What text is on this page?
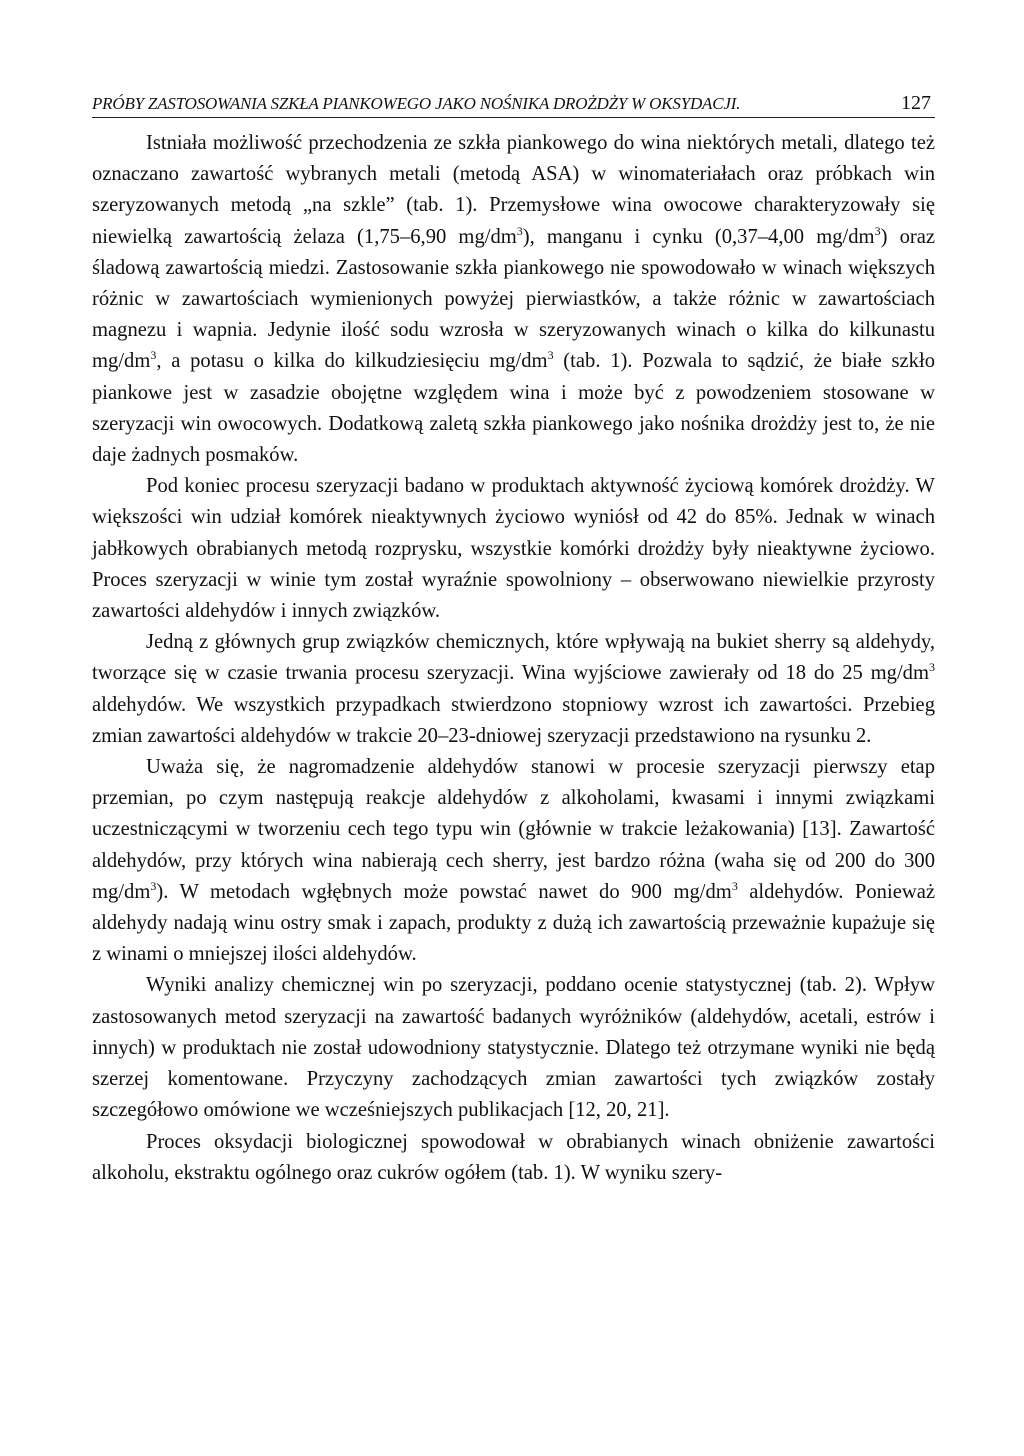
PRÓBY ZASTOSOWANIA SZKŁA PIANKOWEGO JAKO NOŚNIKA DROŻDŻY W OKSYDACJI.	127

Istniała możliwość przechodzenia ze szkła piankowego do wina niektórych metali, dlatego też oznaczano zawartość wybranych metali (metodą ASA) w winomateriałach oraz próbkach win szeryzowanych metodą „na szkle” (tab. 1). Przemysłowe wina owocowe charakteryzowały się niewielką zawartością żelaza (1,75–6,90 $mg/dm^3$), manganu i cynku (0,37–4,00 $mg/dm^3$) oraz śladową zawartością miedzi. Zastosowanie szkła piankowego nie spowodowało w winach większych różnic w zawartościach wymienionych powyżej pierwiastków, a także różnic w zawartościach magnezu i wapnia. Jedynie ilość sodu wzrosła w szeryzowanych winach o kilka do kilkunastu $mg/dm^3$, a potasu o kilka do kilkudziesięciu $mg/dm^3$ (tab. 1). Pozwala to sądzić, że białe szkło piankowe jest w zasadzie obojętne względem wina i może być z powodzeniem stosowane w szeryzacji win owocowych. Dodatkową zaletą szkła piankowego jako nośnika drożdży jest to, że nie daje żadnych posmaków.

Pod koniec procesu szeryzacji badano w produktach aktywność życiową komórek drożdży. W większości win udział komórek nieaktywnych życiowo wyniósł od 42 do 85%. Jednak w winach jabłkowych obrabianych metodą rozprysku, wszystkie komórki drożdży były nieaktywne życiowo. Proces szeryzacji w winie tym został wyraźnie spowolniony – obserwowano niewielkie przyrosty zawartości aldehydów i innych związków.

Jedną z głównych grup związków chemicznych, które wpływają na bukiet sherry są aldehydy, tworzące się w czasie trwania procesu szeryzacji. Wina wyjściowe zawierały od 18 do 25 $mg/dm^3$ aldehydów. We wszystkich przypadkach stwierdzono stopniowy wzrost ich zawartości. Przebieg zmian zawartości aldehydów w trakcie 20–23-dniowej szeryzacji przedstawiono na rysunku 2.

Uważa się, że nagromadzenie aldehydów stanowi w procesie szeryzacji pierwszy etap przemian, po czym następują reakcje aldehydów z alkoholami, kwasami i innymi związkami uczestniczącymi w tworzeniu cech tego typu win (głównie w trakcie leżakowania) [13]. Zawartość aldehydów, przy których wina nabierają cech sherry, jest bardzo różna (waha się od 200 do 300 $mg/dm^3$). W metodach wgłębnych może powstać nawet do 900 $mg/dm^3$ aldehydów. Ponieważ aldehydy nadają winu ostry smak i zapach, produkty z dużą ich zawartością przeważnie kupażuje się z winami o mniejszej ilości aldehydów.

Wyniki analizy chemicznej win po szeryzacji, poddano ocenie statystycznej (tab. 2). Wpływ zastosowanych metod szeryzacji na zawartość badanych wyróżników (aldehydów, acetali, estrów i innych) w produktach nie został udowodniony statystycznie. Dlatego też otrzymane wyniki nie będą szerzej komentowane. Przyczyny zachodzących zmian zawartości tych związków zostały szczegółowo omówione we wcześniejszych publikacjach [12, 20, 21].

Proces oksydacji biologicznej spowodował w obrabianych winach obniżenie zawartości alkoholu, ekstraktu ogólnego oraz cukrów ogółem (tab. 1). W wyniku szery-
